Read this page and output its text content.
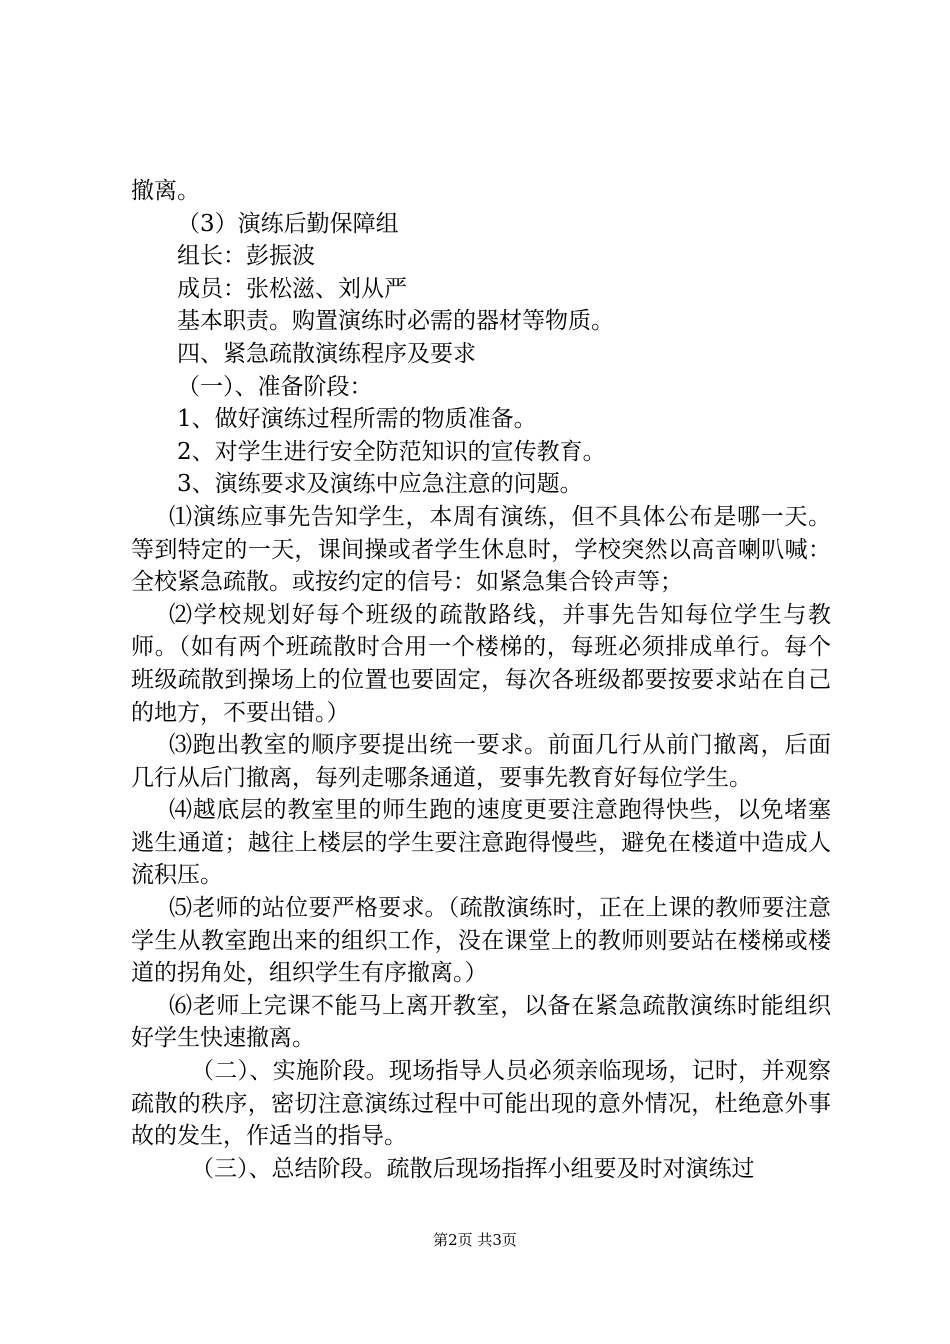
撤离。

（3）演练后勤保障组

组长：彭振波

成员：张松滋、刘从严

基本职责。购置演练时必需的器材等物质。

四、紧急疏散演练程序及要求

（一）、准备阶段：

1、做好演练过程所需的物质准备。

2、对学生进行安全防范知识的宣传教育。

3、演练要求及演练中应急注意的问题。

⑴演练应事先告知学生，本周有演练，但不具体公布是哪一天。等到特定的一天，课间操或者学生休息时，学校突然以高音喇叭喊：全校紧急疏散。或按约定的信号：如紧急集合铃声等；

⑵学校规划好每个班级的疏散路线，并事先告知每位学生与教师。（如有两个班疏散时合用一个楼梯的，每班必须排成单行。每个班级疏散到操场上的位置也要固定，每次各班级都要按要求站在自己的地方，不要出错。）

⑶跑出教室的顺序要提出统一要求。前面几行从前门撤离，后面几行从后门撤离，每列走哪条通道，要事先教育好每位学生。

⑷越底层的教室里的师生跑的速度更要注意跑得快些，以免堵塞逃生通道；越往上楼层的学生要注意跑得慢些，避免在楼道中造成人流积压。

⑸老师的站位要严格要求。（疏散演练时，正在上课的教师要注意学生从教室跑出来的组织工作，没在课堂上的教师则要站在楼梯或楼道的拐角处，组织学生有序撤离。）

⑹老师上完课不能马上离开教室，以备在紧急疏散演练时能组织好学生快速撤离。

（二）、实施阶段。现场指导人员必须亲临现场，记时，并观察疏散的秩序，密切注意演练过程中可能出现的意外情况，杜绝意外事故的发生，作适当的指导。

（三）、总结阶段。疏散后现场指挥小组要及时对演练过

第2页 共3页
